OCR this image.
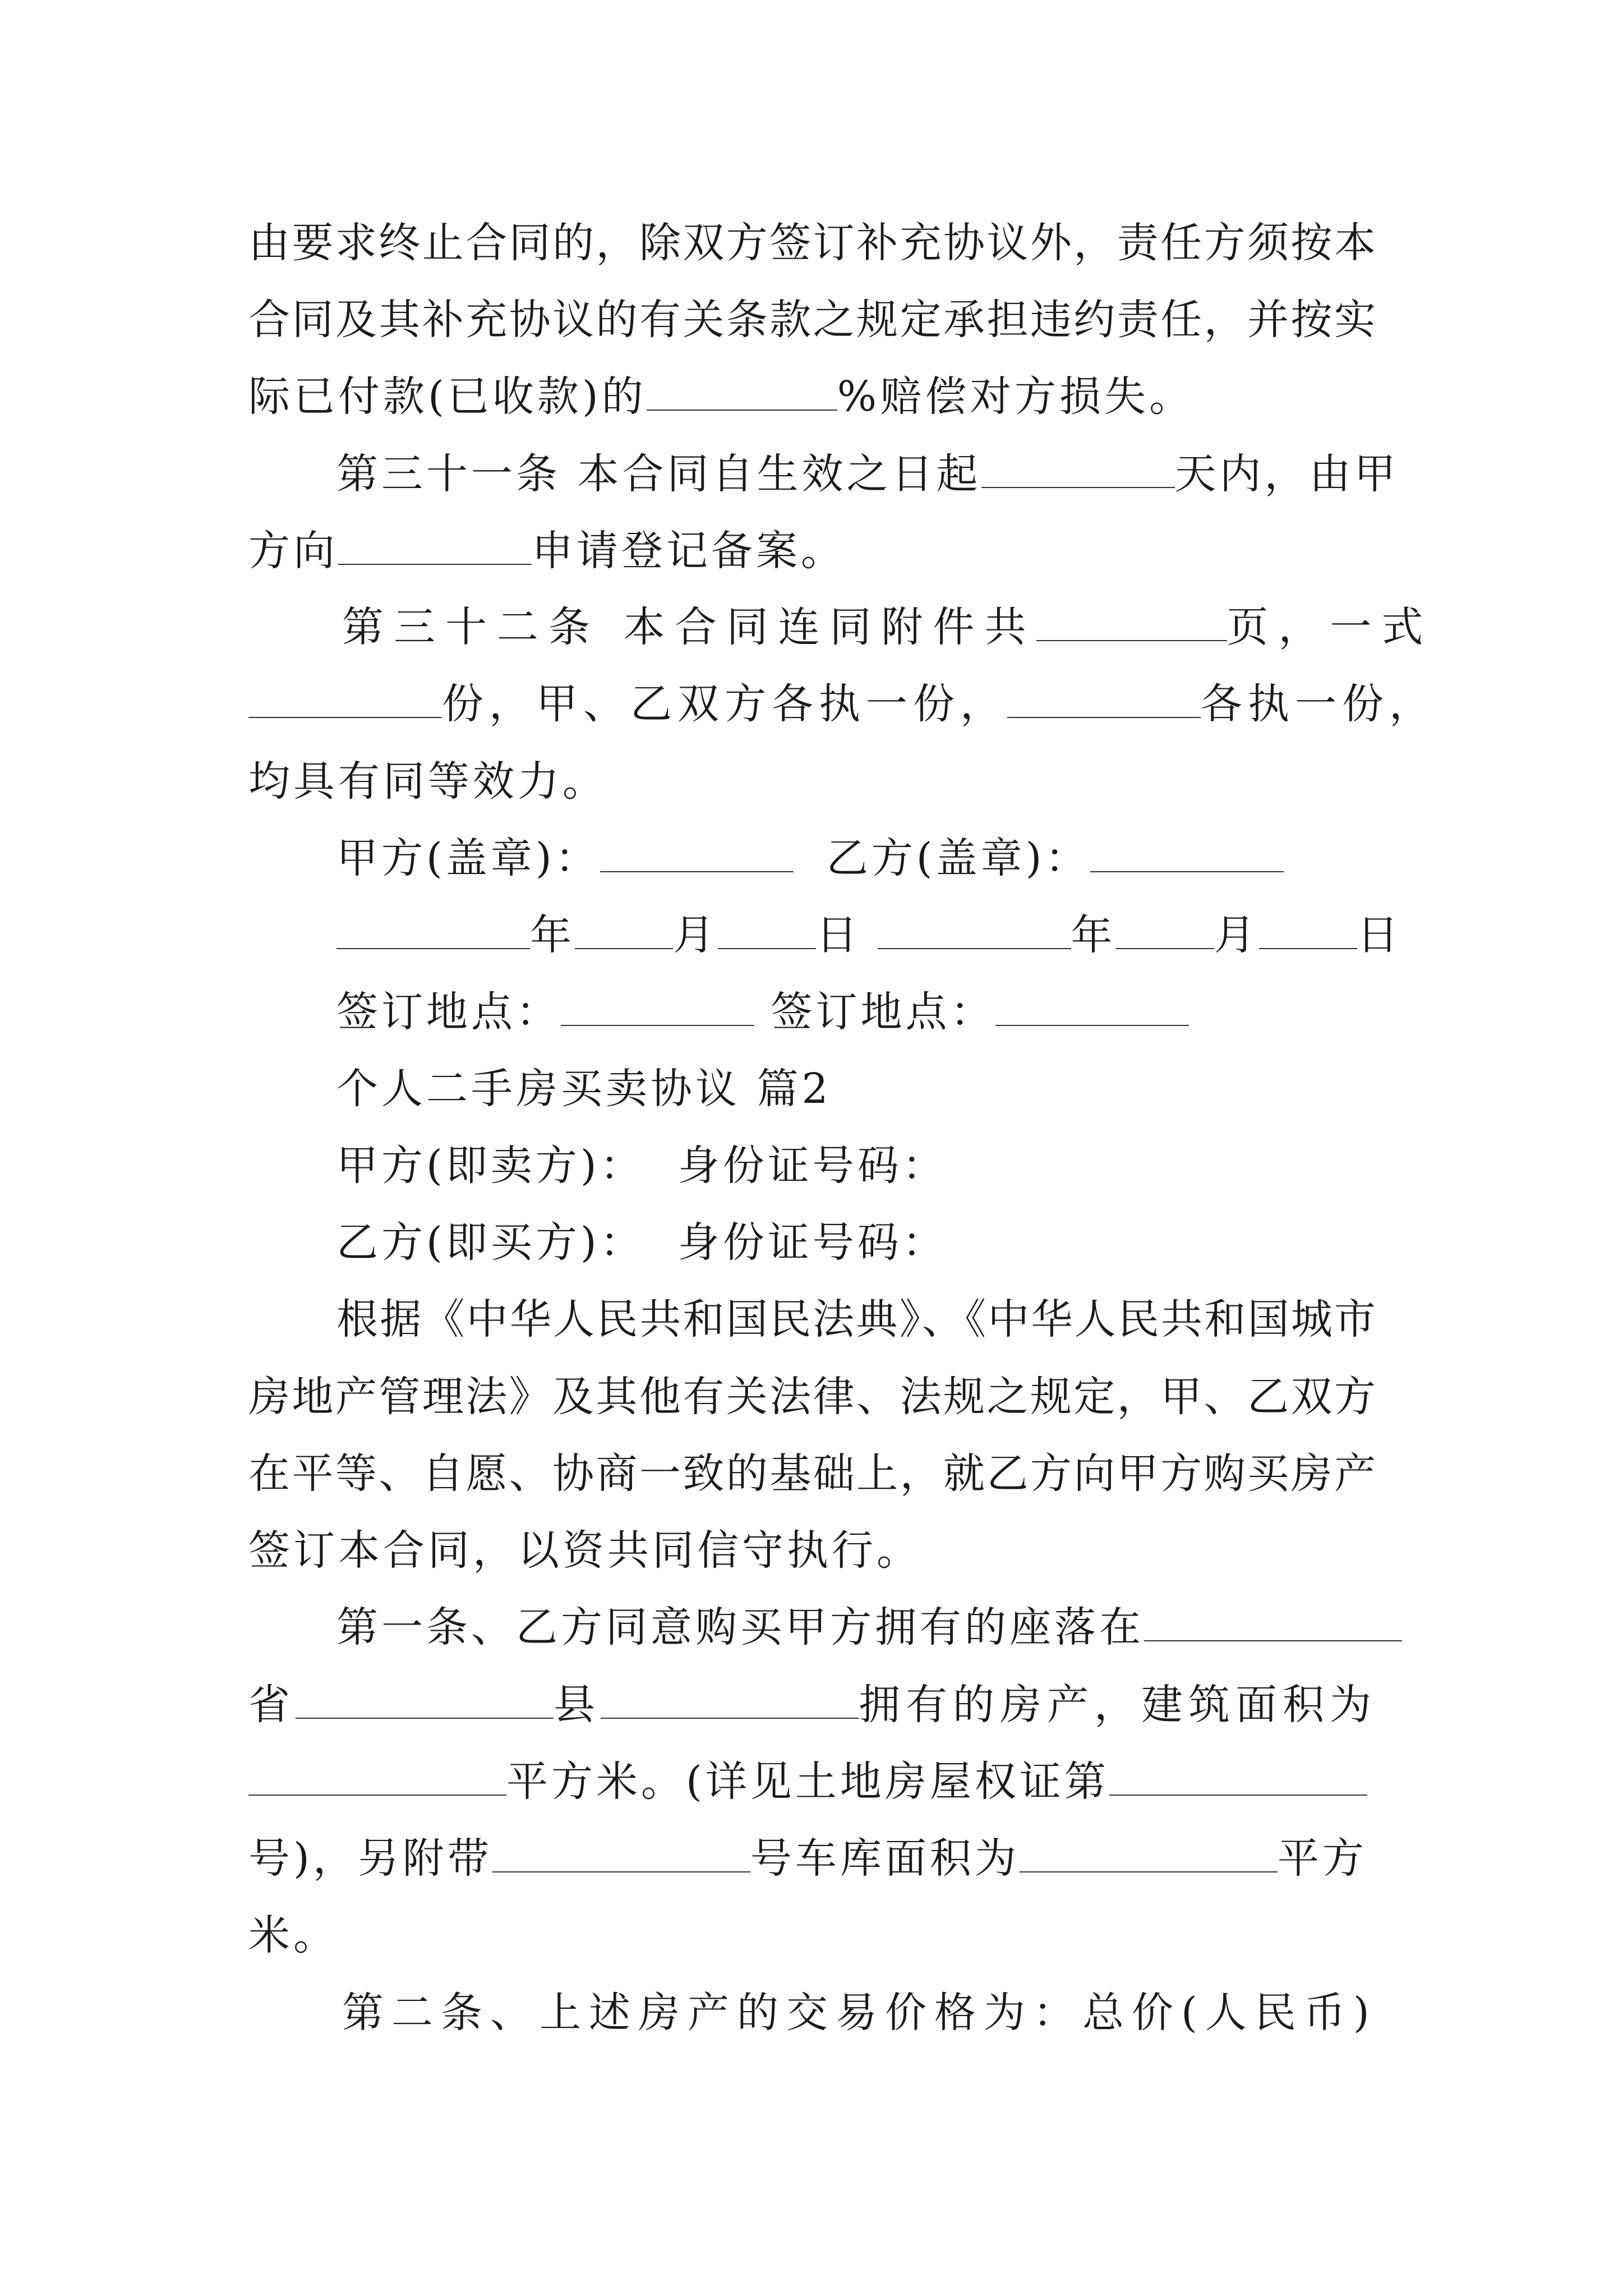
由要求终止合同的，除双方签订补充协议外，责任方须按本
合同及其补充协议的有关条款之规定承担违约责任，并按实
际已付款(已收款)的	%赔偿对方损失。
第三十一条 本合同自生效之日起	天内，由甲
方向	申请登记备案。
第三十二条 本合同连同附件共	页，一式
份，甲、乙双方各执一份，	各执一份，
均具有同等效力。
甲方(盖章)：	乙方(盖章)：
年 月 日	年 月 日
签订地点：	签订地点：
个人二手房买卖协议 篇2
甲方(即卖方)：  身份证号码：
乙方(即买方)：  身份证号码：
根据《中华人民共和国民法典》、《中华人民共和国城市
房地产管理法》及其他有关法律、法规之规定，甲、乙双方
在平等、自愿、协商一致的基础上，就乙方向甲方购买房产
签订本合同，以资共同信守执行。
第一条、乙方同意购买甲方拥有的座落在
省	县	拥有的房产，建筑面积为
平方米。(详见土地房屋权证第
号)，另附带	号车库面积为	平方
米。
第二条、上述房产的交易价格为：总价(人民币)
